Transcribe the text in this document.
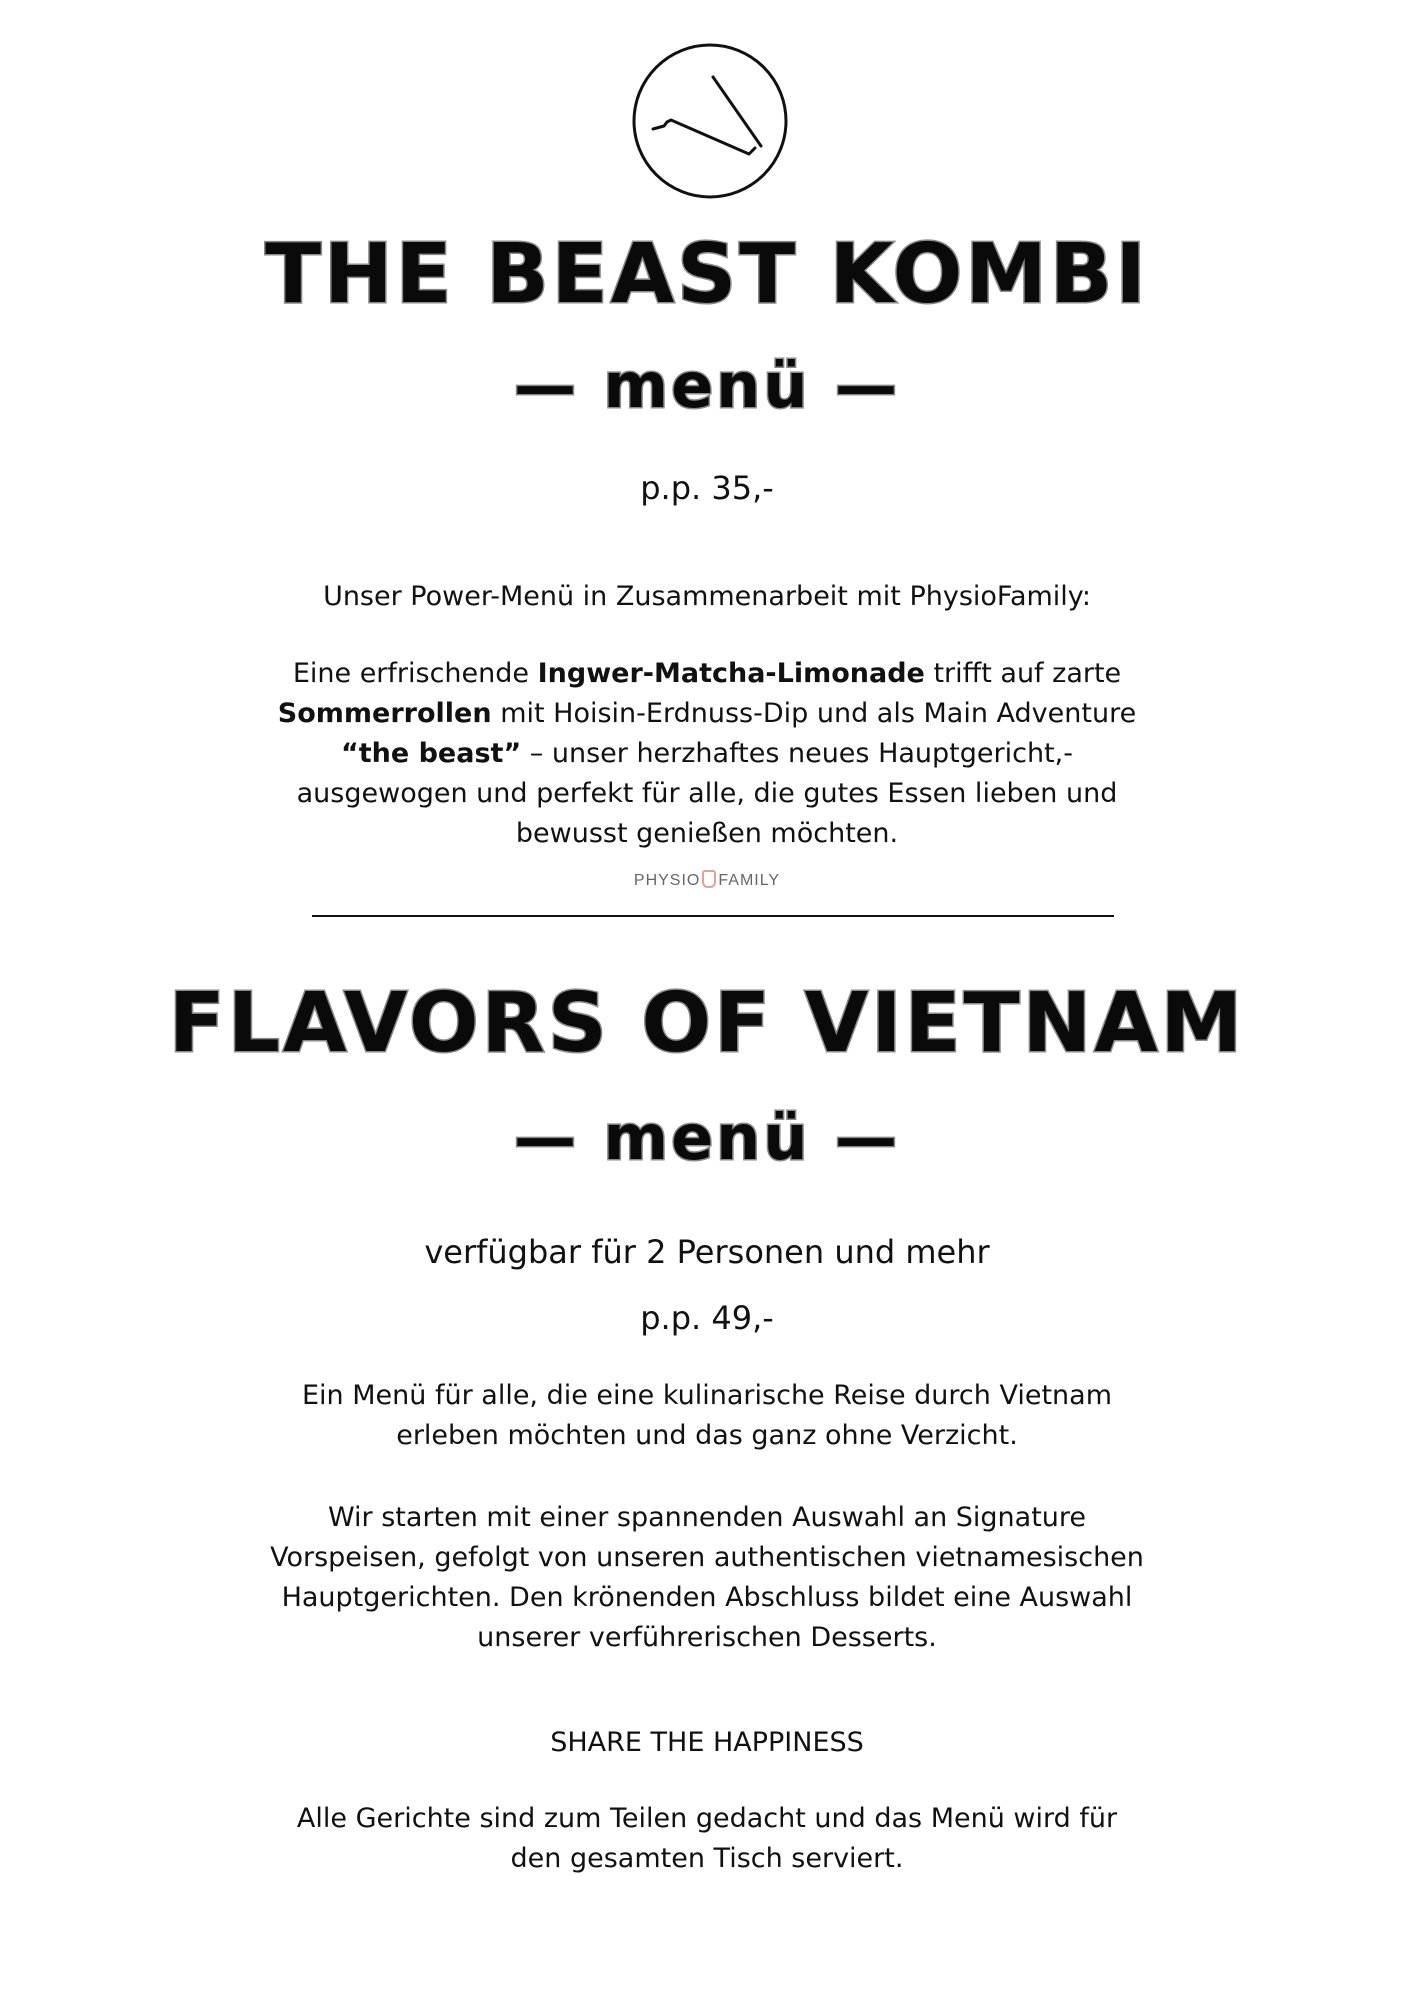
THE BEAST KOMBI
— menü —
p.p. 35,-
Unser Power-Menü in Zusammenarbeit mit PhysioFamily:
Eine erfrischende Ingwer-Matcha-Limonade trifft auf zarte
Sommerrollen mit Hoisin-Erdnuss-Dip und als Main Adventure
“the beast” – unser herzhaftes neues Hauptgericht,-
ausgewogen und perfekt für alle, die gutes Essen lieben und
bewusst genießen möchten.
PHYSIO FAMILY
FLAVORS OF VIETNAM
— menü —
verfügbar für 2 Personen und mehr
p.p. 49,-
Ein Menü für alle, die eine kulinarische Reise durch Vietnam
erleben möchten und das ganz ohne Verzicht.
Wir starten mit einer spannenden Auswahl an Signature
Vorspeisen, gefolgt von unseren authentischen vietnamesischen
Hauptgerichten. Den krönenden Abschluss bildet eine Auswahl
unserer verführerischen Desserts.
SHARE THE HAPPINESS
Alle Gerichte sind zum Teilen gedacht und das Menü wird für
den gesamten Tisch serviert.
